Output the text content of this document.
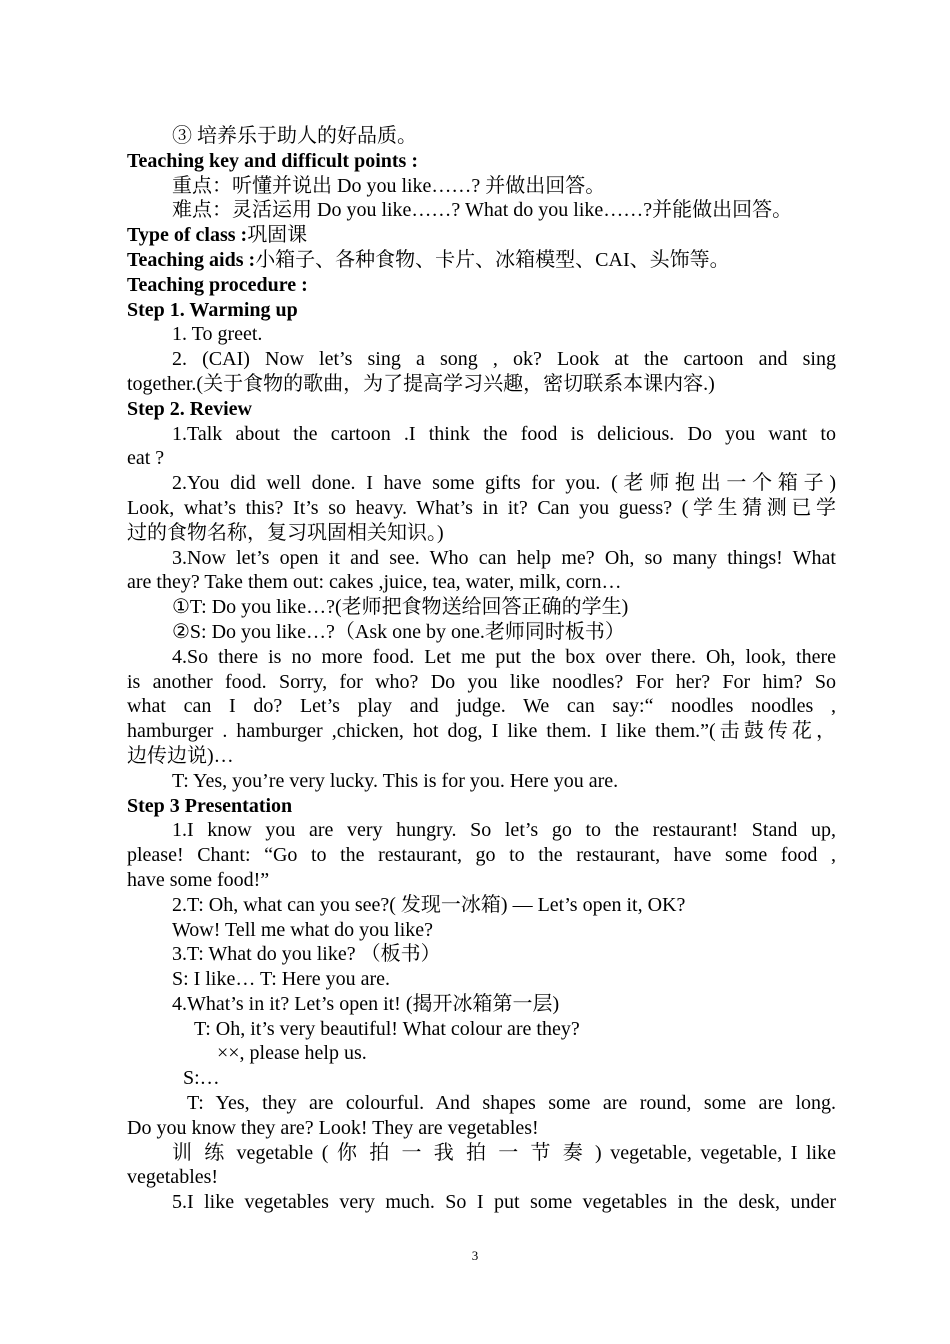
③ 培养乐于助人的好品质。
Teaching key and difficult points :
重点：听懂并说出 Do you like……? 并做出回答。
难点：灵活运用 Do you like……? What do you like……?并能做出回答。
Type of class :巩固课
Teaching aids :小箱子、各种食物、卡片、冰箱模型、CAI、头饰等。
Teaching procedure :
Step 1. Warming up
1. To greet.
2. (CAI) Now let’s sing a song , ok? Look at the cartoon and sing
together.(关于食物的歌曲，为了提高学习兴趣，密切联系本课内容.)
Step 2. Review
1.Talk about the cartoon .I think the food is delicious. Do you want to
eat ?
2.You did well done. I have some gifts for you. (老师抱出一个箱子)
Look, what’s this? It’s so heavy. What’s in it? Can you guess? (学生猜测已学
过的食物名称，复习巩固相关知识。)
3.Now let’s open it and see. Who can help me? Oh, so many things! What
are they? Take them out: cakes ,juice, tea, water, milk, corn…
①T: Do you like…?(老师把食物送给回答正确的学生)
②S: Do you like…?（Ask one by one.老师同时板书）
4.So there is no more food. Let me put the box over there. Oh, look, there
is another food. Sorry, for who? Do you like noodles? For her? For him? So
what can I do? Let’s play and judge. We can say:“ noodles noodles ,
hamburger . hamburger ,chicken, hot dog, I like them. I like them.”(击鼓传花，
边传边说)…
T: Yes, you’re very lucky. This is for you. Here you are.
Step 3 Presentation
1.I know you are very hungry. So let’s go to the restaurant! Stand up,
please! Chant: “Go to the restaurant, go to the restaurant, have some food ,
have some food!”
2.T: Oh, what can you see?( 发现一冰箱) — Let’s open it, OK?
Wow! Tell me what do you like?
3.T: What do you like? （板书）
S: I like… T: Here you are.
4.What’s in it? Let’s open it! (揭开冰箱第一层)
T: Oh, it’s very beautiful! What colour are they?
××, please help us.
S:…
T: Yes, they are colourful. And shapes some are round, some are long.
Do you know they are? Look! They are vegetables!
训 练 vegetable ( 你 拍 一 我 拍 一 节 奏 ) vegetable, vegetable, I like
vegetables!
5.I like vegetables very much. So I put some vegetables in the desk, under
3
